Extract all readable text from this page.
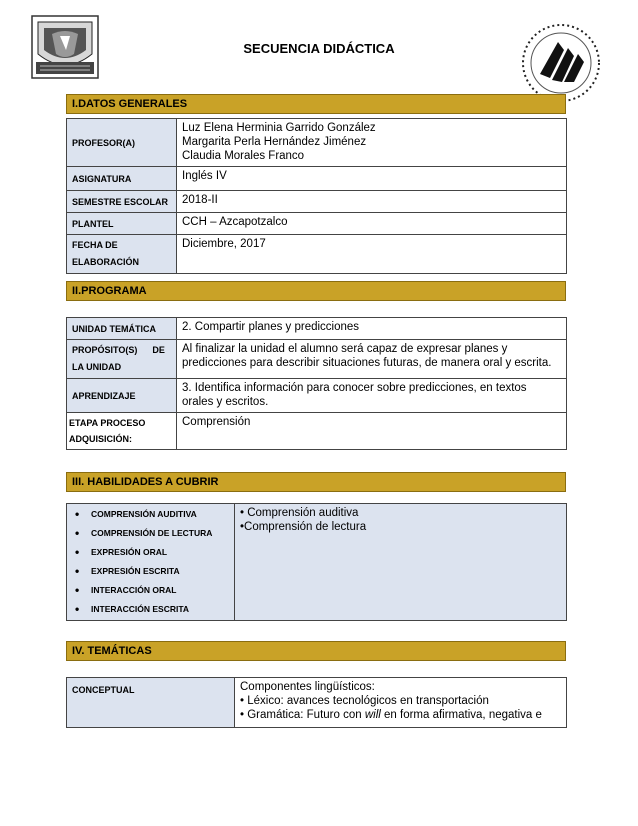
SECUENCIA DIDÁCTICA
I.DATOS GENERALES
PROFESOR(A)	Luz Elena Herminia Garrido González
Margarita Perla Hernández Jiménez
Claudia Morales Franco

ASIGNATURA	Inglés IV
SEMESTRE ESCOLAR	2018-II
PLANTEL	CCH – Azcapotzalco
FECHA DE ELABORACIÓN	Diciembre, 2017
II.PROGRAMA
UNIDAD TEMÁTICA	2. Compartir planes y predicciones
PROPÓSITO(S)      DE LA UNIDAD	Al finalizar la unidad el alumno será capaz de expresar planes y predicciones para describir situaciones futuras, de manera oral y escrita.
APRENDIZAJE	3. Identifica información para conocer sobre predicciones, en textos orales y escritos.
ETAPA PROCESO ADQUISICIÓN:	Comprensión
III. HABILIDADES A CUBRIR
• COMPRENSIÓN AUDITIVA
• COMPRENSIÓN DE LECTURA
• EXPRESIÓN ORAL
• EXPRESIÓN ESCRITA
• INTERACCIÓN ORAL
• INTERACCIÓN ESCRITA

• Comprensión auditiva
•Comprensión de lectura
IV. TEMÁTICAS
CONCEPTUAL	Componentes lingüísticos:
• Léxico: avances tecnológicos en transportación
• Gramática: Futuro con will en forma afirmativa, negativa e
